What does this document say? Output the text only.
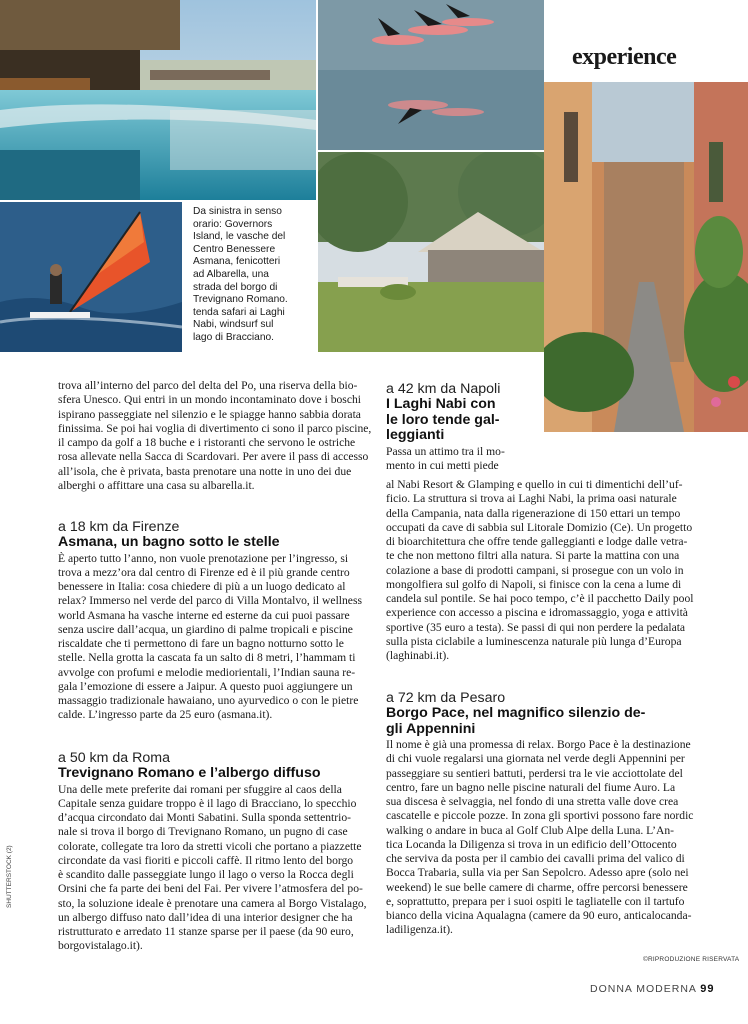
Da sinistra in senso
orario: Governors
Island, le vasche del
Centro Benessere
Asmana, fenicotteri
ad Albarella, una
strada del borgo di
Trevignano Romano.
tenda safari ai Laghi
Nabi, windsurf sul
lago di Bracciano.
experience
trova all’interno del parco del delta del Po, una riserva della bio-
sfera Unesco. Qui entri in un mondo incontaminato dove i boschi
ispirano passeggiate nel silenzio e le spiagge hanno sabbia dorata
finissima. Se poi hai voglia di divertimento ci sono il parco piscine,
il campo da golf a 18 buche e i ristoranti che servono le ostriche
rosa allevate nella Sacca di Scardovari. Per avere il pass di accesso
all’isola, che è privata, basta prenotare una notte in uno dei due
alberghi o affittare una casa su albarella.it.
a 18 km da Firenze
Asmana, un bagno sotto le stelle
È aperto tutto l’anno, non vuole prenotazione per l’ingresso, si
trova a mezz’ora dal centro di Firenze ed è il più grande centro
benessere in Italia: cosa chiedere di più a un luogo dedicato al
relax? Immerso nel verde del parco di Villa Montalvo, il wellness
world Asmana ha vasche interne ed esterne da cui puoi passare
senza uscire dall’acqua, un giardino di palme tropicali e piscine
riscaldate che ti permettono di fare un bagno notturno sotto le
stelle. Nella grotta la cascata fa un salto di 8 metri, l’hammam ti
avvolge con profumi e melodie mediorientali, l’Indian sauna re-
gala l’emozione di essere a Jaipur. A questo puoi aggiungere un
massaggio tradizionale hawaiano, uno ayurvedico o con le pietre
calde. L’ingresso parte da 25 euro (asmana.it).
a 50 km da Roma
Trevignano Romano e l’albergo diffuso
Una delle mete preferite dai romani per sfuggire al caos della
Capitale senza guidare troppo è il lago di Bracciano, lo specchio
d’acqua circondato dai Monti Sabatini. Sulla sponda settentrio-
nale si trova il borgo di Trevignano Romano, un pugno di case
colorate, collegate tra loro da stretti vicoli che portano a piazzette
circondate da vasi fioriti e piccoli caffè. Il ritmo lento del borgo
è scandito dalle passeggiate lungo il lago o verso la Rocca degli
Orsini che fa parte dei beni del Fai. Per vivere l’atmosfera del po-
sto, la soluzione ideale è prenotare una camera al Borgo Vistalago,
un albergo diffuso nato dall’idea di una interior designer che ha
ristrutturato e arredato 11 stanze sparse per il paese (da 90 euro,
borgovistalago.it).
a 42 km da Napoli
I Laghi Nabi con
le loro tende gal-
leggianti
Passa un attimo tra il mo-
mento in cui metti piede
al Nabi Resort & Glamping e quello in cui ti dimentichi dell’uf-
ficio. La struttura si trova ai Laghi Nabi, la prima oasi naturale
della Campania, nata dalla rigenerazione di 150 ettari un tempo
occupati da cave di sabbia sul Litorale Domizio (Ce). Un progetto
di bioarchitettura che offre tende galleggianti e lodge dalle vetra-
te che non mettono filtri alla natura. Si parte la mattina con una
colazione a base di prodotti campani, si prosegue con un volo in
mongolfiera sul golfo di Napoli, si finisce con la cena a lume di
candela sul pontile. Se hai poco tempo, c’è il pacchetto Daily pool
experience con accesso a piscina e idromassaggio, yoga e attività
sportive (35 euro a testa). Se passi di qui non perdere la pedalata
sulla pista ciclabile a luminescenza naturale più lunga d’Europa
(laghinabi.it).
a 72 km da Pesaro
Borgo Pace, nel magnifico silenzio de-
gli Appennini
Il nome è già una promessa di relax. Borgo Pace è la destinazione
di chi vuole regalarsi una giornata nel verde degli Appennini per
passeggiare su sentieri battuti, perdersi tra le vie acciottolate del
centro, fare un bagno nelle piscine naturali del fiume Auro. La
sua discesa è selvaggia, nel fondo di una stretta valle dove crea
cascatelle e piccole pozze. In zona gli sportivi possono fare nordic
walking o andare in buca al Golf Club Alpe della Luna. L’An-
tica Locanda la Diligenza si trova in un edificio dell’Ottocento
che serviva da posta per il cambio dei cavalli prima del valico di
Bocca Trabaria, sulla via per San Sepolcro. Adesso apre (solo nei
weekend) le sue belle camere di charme, offre percorsi benessere
e, soprattutto, prepara per i suoi ospiti le tagliatelle con il tartufo
bianco della vicina Aqualagna (camere da 90 euro, anticalocanda-
ladiligenza.it).
©RIPRODUZIONE RISERVATA
DONNA MODERNA 99
SHUTTERSTOCK (2)
